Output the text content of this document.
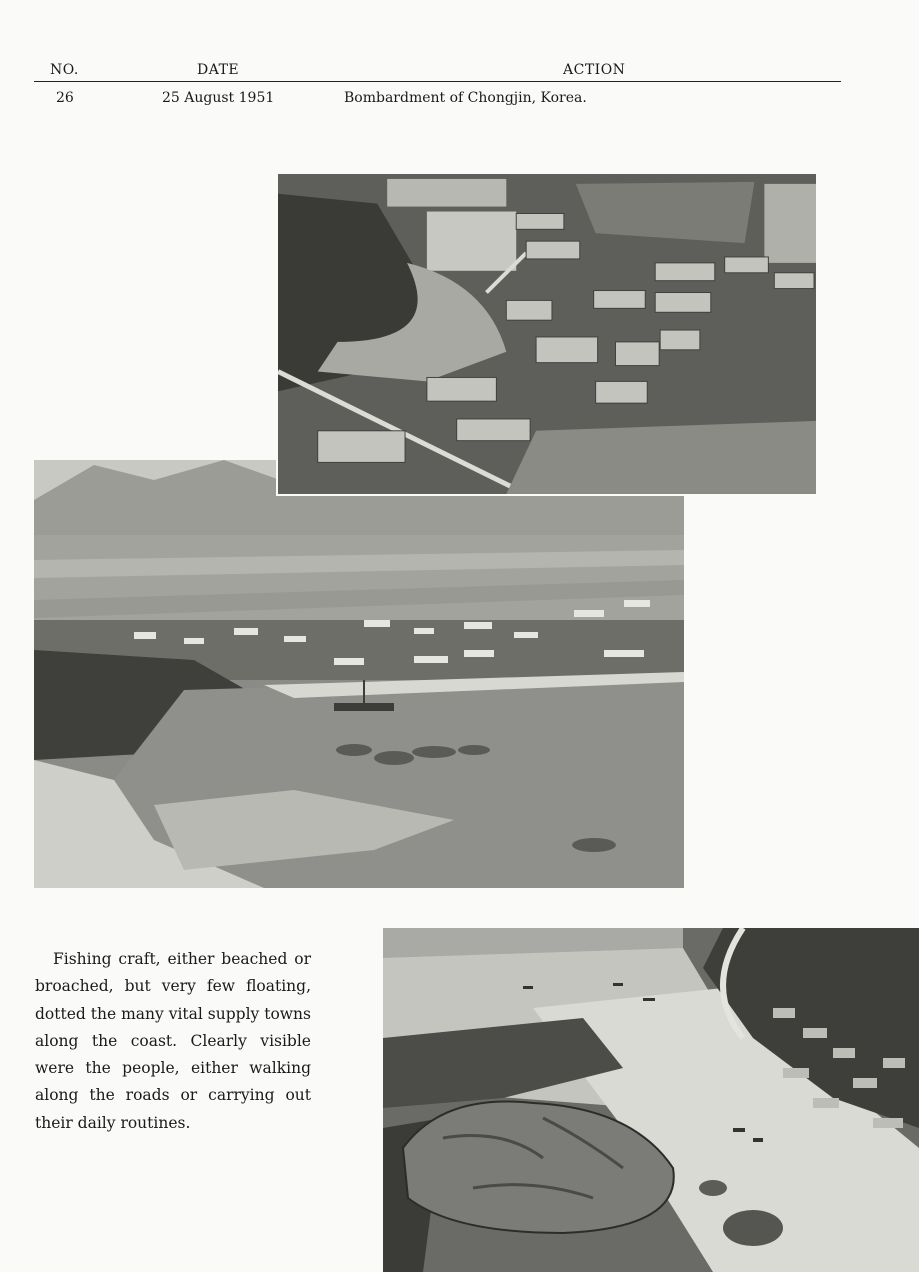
NO.	DATE	ACTION
26	25 August 1951	Bombardment of Chongjin, Korea.
Fishing craft, either beached or broached, but very few floating, dotted the many vital supply towns along the coast. Clearly visible were the people, either walking along the roads or carrying out their daily routines.
